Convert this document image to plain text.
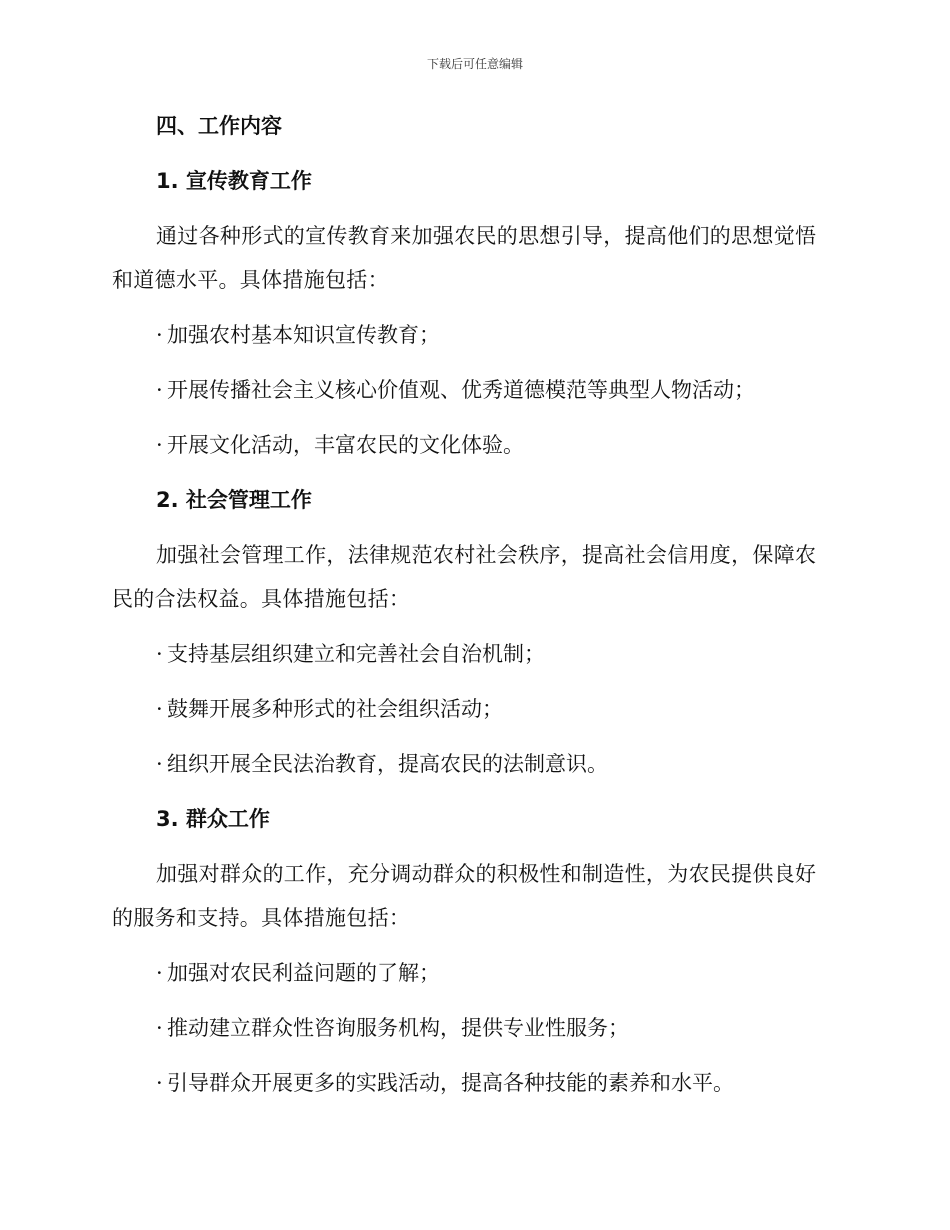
下载后可任意编辑
四、工作内容
1. 宣传教育工作

通过各种形式的宣传教育来加强农民的思想引导，提高他们的思想觉悟和道德水平。具体措施包括：

· 加强农村基本知识宣传教育；
· 开展传播社会主义核心价值观、优秀道德模范等典型人物活动；
· 开展文化活动，丰富农民的文化体验。
2. 社会管理工作

加强社会管理工作，法律规范农村社会秩序，提高社会信用度，保障农民的合法权益。具体措施包括：

· 支持基层组织建立和完善社会自治机制；
· 鼓舞开展多种形式的社会组织活动；
· 组织开展全民法治教育，提高农民的法制意识。
3. 群众工作

加强对群众的工作，充分调动群众的积极性和制造性，为农民提供良好的服务和支持。具体措施包括：

· 加强对农民利益问题的了解；
· 推动建立群众性咨询服务机构，提供专业性服务；
· 引导群众开展更多的实践活动，提高各种技能的素养和水平。
